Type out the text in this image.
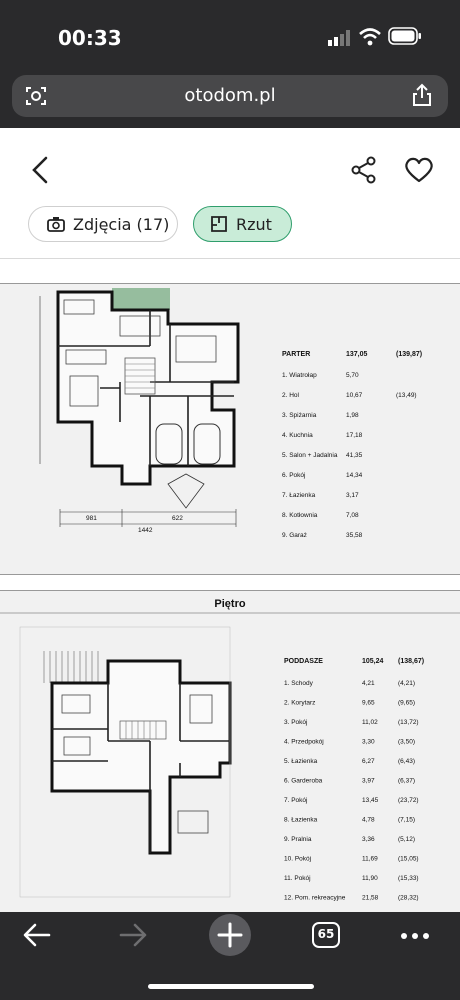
00:33
otodom.pl
Zdjęcia (17)	Rzut
981	622
1442
PARTER	137,05	(139,87)
1. Wiatrołap	5,70
2. Hol	10,67	(13,49)
3. Spiżarnia	1,98
4. Kuchnia	17,18
5. Salon + Jadalnia 41,35
6. Pokój	14,34
7. Łazienka	3,17
8. Kotłownia	7,08
9. Garaż	35,58
Piętro
PODDASZE	105,24 (138,67)
1. Schody	4,21	(4,21)
2. Korytarz	9,65	(9,65)
3. Pokój	11,02	(13,72)
4. Przedpokój	3,30	(3,50)
5. Łazienka	6,27	(6,43)
6. Garderoba	3,97	(6,37)
7. Pokój	13,45	(23,72)
8. Łazienka	4,78	(7,15)
9. Pralnia	3,36	(5,12)
10. Pokój	11,69	(15,05)
11. Pokój	11,90	(15,33)
12. Pom. rekreacyjne	21,58	(28,32)
65
